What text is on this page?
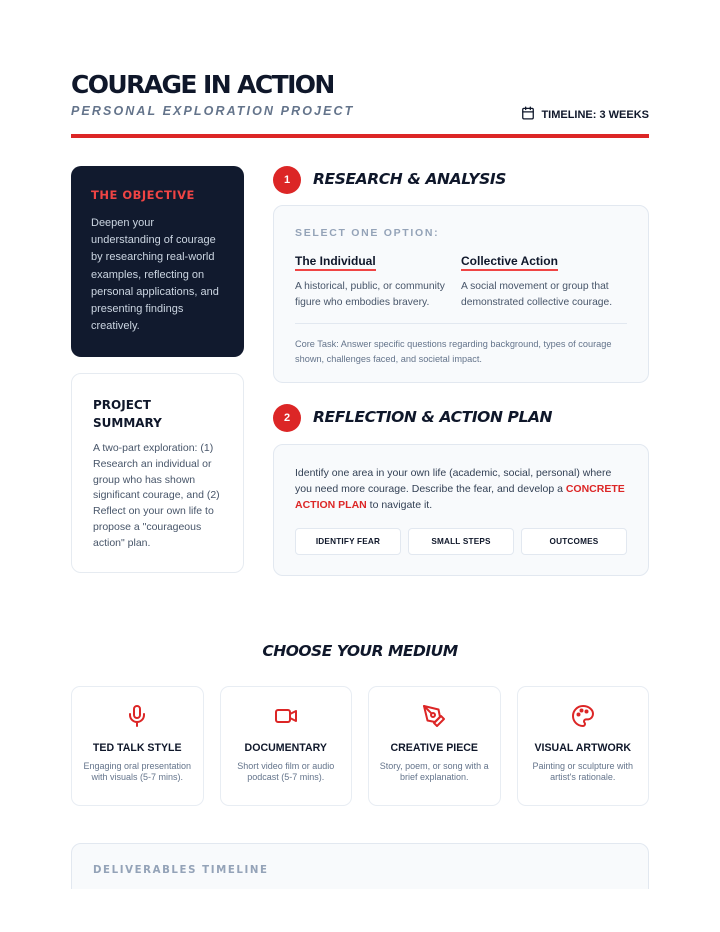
COURAGE IN ACTION
PERSONAL EXPLORATION PROJECT	TIMELINE: 3 WEEKS
THE OBJECTIVE

Deepen your understanding of courage by researching real-world examples, reflecting on personal applications, and presenting findings creatively.

PROJECT SUMMARY

A two-part exploration: (1) Research an individual or group who has shown significant courage, and (2) Reflect on your own life to propose a "courageous action" plan.

1	RESEARCH & ANALYSIS
SELECT ONE OPTION:
The Individual

A historical, public, or community figure who embodies bravery.

Collective Action

A social movement or group that demonstrated collective courage.

Core Task: Answer specific questions regarding background, types of courage shown, challenges faced, and societal impact.
2	REFLECTION & ACTION PLAN

Identify one area in your own life (academic, social, personal) where you need more courage. Describe the fear, and develop a CONCRETE ACTION PLAN to navigate it.

IDENTIFY FEAR	SMALL STEPS	OUTCOMES
CHOOSE YOUR MEDIUM
TED TALK STYLE

Engaging oral presentation with visuals (5-7 mins).

DOCUMENTARY

Short video film or audio podcast (5-7 mins).

CREATIVE PIECE

Story, poem, or song with a brief explanation.

VISUAL ARTWORK

Painting or sculpture with artist's rationale.

DELIVERABLES TIMELINE
